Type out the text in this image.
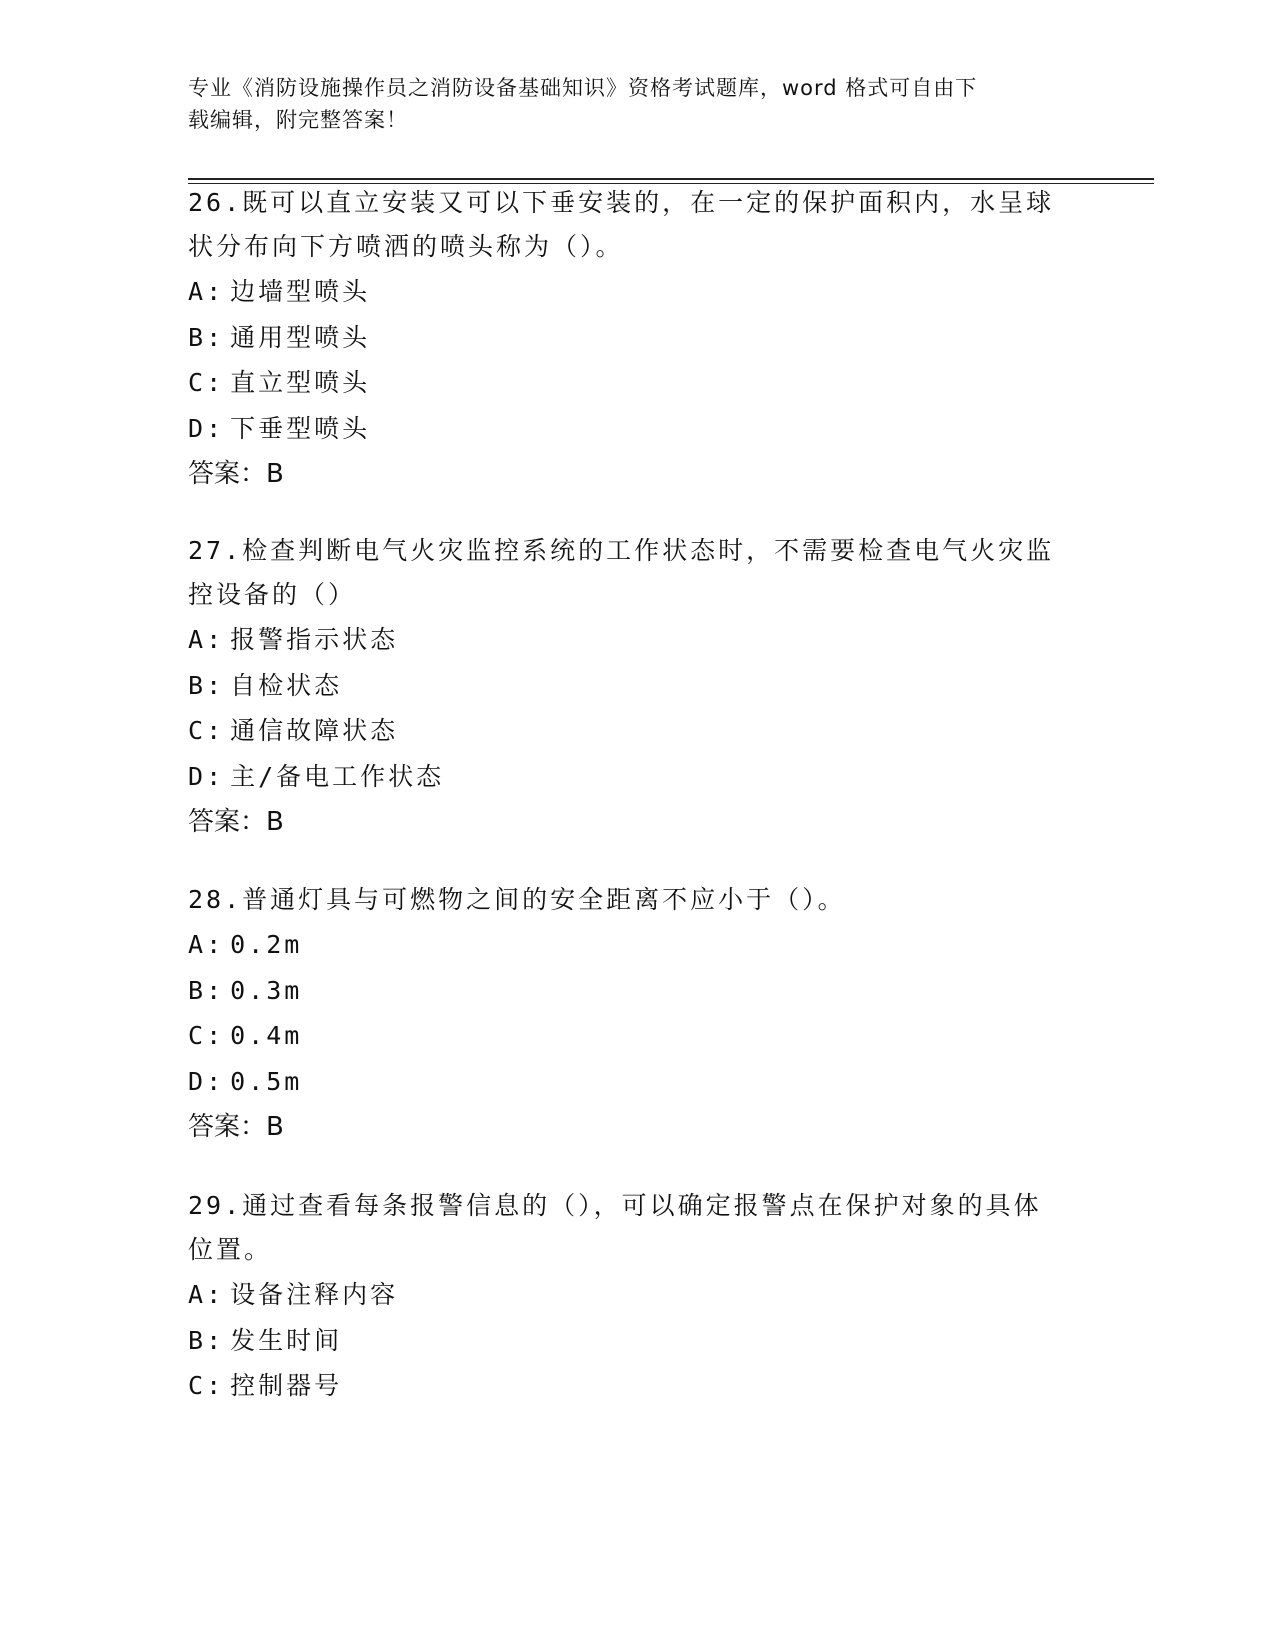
专业《消防设施操作员之消防设备基础知识》资格考试题库，word 格式可自由下
载编辑，附完整答案！

26.既可以直立安装又可以下垂安装的，在一定的保护面积内，水呈球

状分布向下方喷洒的喷头称为（）。

A: 边墙型喷头

B: 通用型喷头

C: 直立型喷头

D: 下垂型喷头

答案：B

27.检查判断电气火灾监控系统的工作状态时，不需要检查电气火灾监

控设备的（）

A: 报警指示状态

B: 自检状态

C: 通信故障状态

D: 主/备电工作状态

答案：B

28.普通灯具与可燃物之间的安全距离不应小于（）。

A: 0.2m

B: 0.3m

C: 0.4m

D: 0.5m

答案：B

29.通过查看每条报警信息的（），可以确定报警点在保护对象的具体

位置。

A: 设备注释内容

B: 发生时间

C: 控制器号
